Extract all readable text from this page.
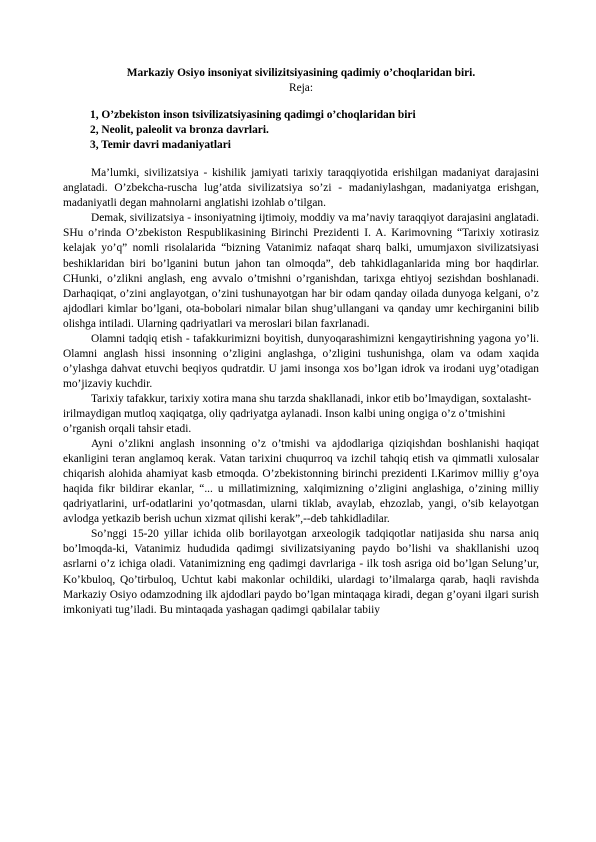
Markaziy Osiyo insoniyat sivilizitsiyasining qadimiy o’choqlaridan biri.

Reja:

1, O’zbekiston inson tsivilizatsiyasining qadimgi o’choqlaridan biri
2, Neolit, paleolit va bronza davrlari.
3, Temir davri madaniyatlari

Ma’lumki, sivilizatsiya - kishilik jamiyati tarixiy taraqqiyotida erishilgan madaniyat darajasini anglatadi. O’zbekcha-ruscha lug’atda sivilizatsiya so’zi - madaniylashgan, madaniyatga erishgan, madaniyatli degan mahnolarni anglatishi izohlab o’tilgan.

Demak, sivilizatsiya - insoniyatning ijtimoiy, moddiy va ma’naviy taraqqiyot darajasini anglatadi. SHu o’rinda O’zbekiston Respublikasining Birinchi Prezidenti I. A. Karimovning “Tarixiy xotirasiz kelajak yo’q” nomli risolalarida “bizning Vatanimiz nafaqat sharq balki, umumjaxon sivilizatsiyasi beshiklaridan biri bo’lganini butun jahon tan olmoqda”, deb tahkidlaganlarida ming bor haqdirlar. CHunki, o’zlikni anglash, eng avvalo o’tmishni o’rganishdan, tarixga ehtiyoj sezishdan boshlanadi. Darhaqiqat, o’zini anglayotgan, o’zini tushunayotgan har bir odam qanday oilada dunyoga kelgani, o’z ajdodlari kimlar bo’lgani, ota-bobolari nimalar bilan shug’ullangani va qanday umr kechirganini bilib olishga intiladi. Ularning qadriyatlari va meroslari bilan faxrlanadi.

Olamni tadqiq etish - tafakkurimizni boyitish, dunyoqarashimizni kengaytirishning yagona yo’li. Olamni anglash hissi insonning o’zligini anglashga, o’zligini tushunishga, olam va odam xaqida o’ylashga dahvat etuvchi beqiyos qudratdir. U jami insonga xos bo’lgan idrok va irodani uyg’otadigan mo’jizaviy kuchdir.

Tarixiy tafakkur, tarixiy xotira mana shu tarzda shakllanadi, inkor etib bo’lmaydigan, soxtalasht-irilmaydigan mutloq xaqiqatga, oliy qadriyatga aylanadi. Inson kalbi uning ongiga o’z o’tmishini o’rganish orqali tahsir etadi.

Ayni o’zlikni anglash insonning o’z o’tmishi va ajdodlariga qiziqishdan boshlanishi haqiqat ekanligini teran anglamoq kerak. Vatan tarixini chuqurroq va izchil tahqiq etish va qimmatli xulosalar chiqarish alohida ahamiyat kasb etmoqda. O’zbekistonning birinchi prezidenti I.Karimov milliy g’oya haqida fikr bildirar ekanlar, “... u millatimizning, xalqimizning o’zligini anglashiga, o’zining milliy qadriyatlarini, urf-odatlarini yo’qotmasdan, ularni tiklab, avaylab, ehzozlab, yangi, o’sib kelayotgan avlodga yetkazib berish uchun xizmat qilishi kerak”,--deb tahkidladilar.

So’nggi 15-20 yillar ichida olib borilayotgan arxeologik tadqiqotlar natijasida shu narsa aniq bo’lmoqda-ki, Vatanimiz hududida qadimgi sivilizatsiyaning paydo bo’lishi va shakllanishi uzoq asrlarni o’z ichiga oladi. Vatanimizning eng qadimgi davrlariga - ilk tosh asriga oid bo’lgan Selung’ur, Ko’kbuloq, Qo’tirbuloq, Uchtut kabi makonlar ochildiki, ulardagi to’ilmalarga qarab, haqli ravishda Markaziy Osiyo odamzodning ilk ajdodlari paydo bo’lgan mintaqaga kiradi, degan g’oyani ilgari surish imkoniyati tug’iladi. Bu mintaqada yashagan qadimgi qabilalar tabiiy
